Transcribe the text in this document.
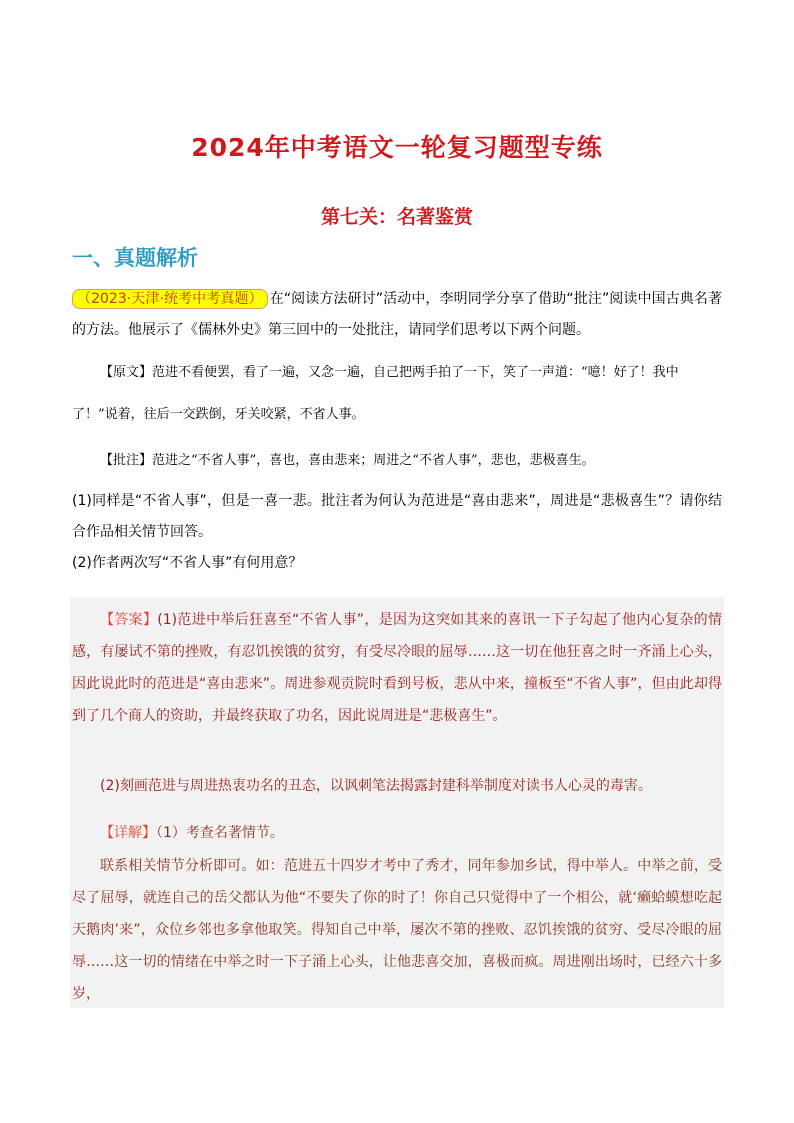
2024年中考语文一轮复习题型专练
第七关：名著鉴赏
一、真题解析
（2023·天津·统考中考真题） 在“阅读方法研讨”活动中，李明同学分享了借助“批注”阅读中国古典名著的方法。他展示了《儒林外史》第三回中的一处批注，请同学们思考以下两个问题。
【原文】范进不看便罢，看了一遍，又念一遍，自己把两手拍了一下，笑了一声道：“噫！好了！我中了！”说着，往后一交跌倒，牙关咬紧，不省人事。
【批注】范进之“不省人事”，喜也，喜由悲来；周进之“不省人事”，悲也，悲极喜生。
(1)同样是“不省人事”，但是一喜一悲。批注者为何认为范进是“喜由悲来”，周进是“悲极喜生”？请你结合作品相关情节回答。
(2)作者两次写“不省人事”有何用意？
【答案】(1)范进中举后狂喜至“不省人事”，是因为这突如其来的喜讯一下子勾起了他内心复杂的情感，有屡试不第的挫败，有忍饥挨饿的贫穷，有受尽冷眼的屈辱……这一切在他狂喜之时一齐涌上心头，因此说此时的范进是“喜由悲来”。周进参观贡院时看到号板，悲从中来，撞板至“不省人事”，但由此却得到了几个商人的资助，并最终获取了功名，因此说周进是“悲极喜生”。
(2)刻画范进与周进热衷功名的丑态，以讽刺笔法揭露封建科举制度对读书人心灵的毒害。
【详解】（1）考查名著情节。
联系相关情节分析即可。如：范进五十四岁才考中了秀才，同年参加乡试，得中举人。中举之前，受尽了屈辱，就连自己的岳父都认为他“不要失了你的时了！你自己只觉得中了一个相公，就‘癞蛤蟆想吃起天鹅肉’来”，众位乡邻也多拿他取笑。得知自己中举，屡次不第的挫败、忍饥挨饿的贫穷、受尽冷眼的屈辱……这一切的情绪在中举之时一下子涌上心头，让他悲喜交加，喜极而疯。周进刚出场时，已经六十多岁，
